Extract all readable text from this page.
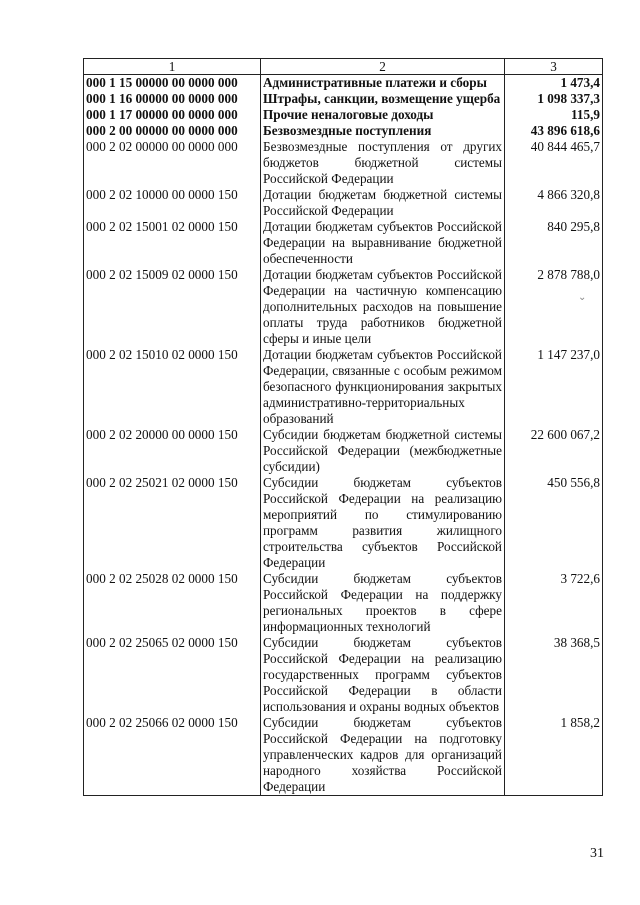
1	2	3
000 1 15 00000 00 0000 000	Административные платежи и сборы	1 473,4
000 1 16 00000 00 0000 000	Штрафы, санкции, возмещение ущерба	1 098 337,3
000 1 17 00000 00 0000 000	Прочие неналоговые доходы	115,9
000 2 00 00000 00 0000 000	Безвозмездные поступления	43 896 618,6
000 2 02 00000 00 0000 000	Безвозмездные поступления от других бюджетов бюджетной системы Российской Федерации	40 844 465,7
000 2 02 10000 00 0000 150	Дотации бюджетам бюджетной системы Российской Федерации	4 866 320,8
000 2 02 15001 02 0000 150	Дотации бюджетам субъектов Российской Федерации на выравнивание бюджетной обеспеченности	840 295,8
000 2 02 15009 02 0000 150	Дотации бюджетам субъектов Российской Федерации на частичную компенсацию дополнительных расходов на повышение оплаты труда работников бюджетной сферы и иные цели	2 878 788,0
000 2 02 15010 02 0000 150	Дотации бюджетам субъектов Российской Федерации, связанные с особым режимом безопасного функционирования закрытых административно-территориальных образований	1 147 237,0
000 2 02 20000 00 0000 150	Субсидии бюджетам бюджетной системы Российской Федерации (межбюджетные субсидии)	22 600 067,2
000 2 02 25021 02 0000 150	Субсидии бюджетам субъектов Российской Федерации на реализацию мероприятий по стимулированию программ развития жилищного строительства субъектов Российской Федерации	450 556,8
000 2 02 25028 02 0000 150	Субсидии бюджетам субъектов Российской Федерации на поддержку региональных проектов в сфере информационных технологий	3 722,6
000 2 02 25065 02 0000 150	Субсидии бюджетам субъектов Российской Федерации на реализацию государственных программ субъектов Российской Федерации в области использования и охраны водных объектов	38 368,5
000 2 02 25066 02 0000 150	Субсидии бюджетам субъектов Российской Федерации на подготовку управленческих кадров для организаций народного хозяйства Российской Федерации	1 858,2
⌄
31
